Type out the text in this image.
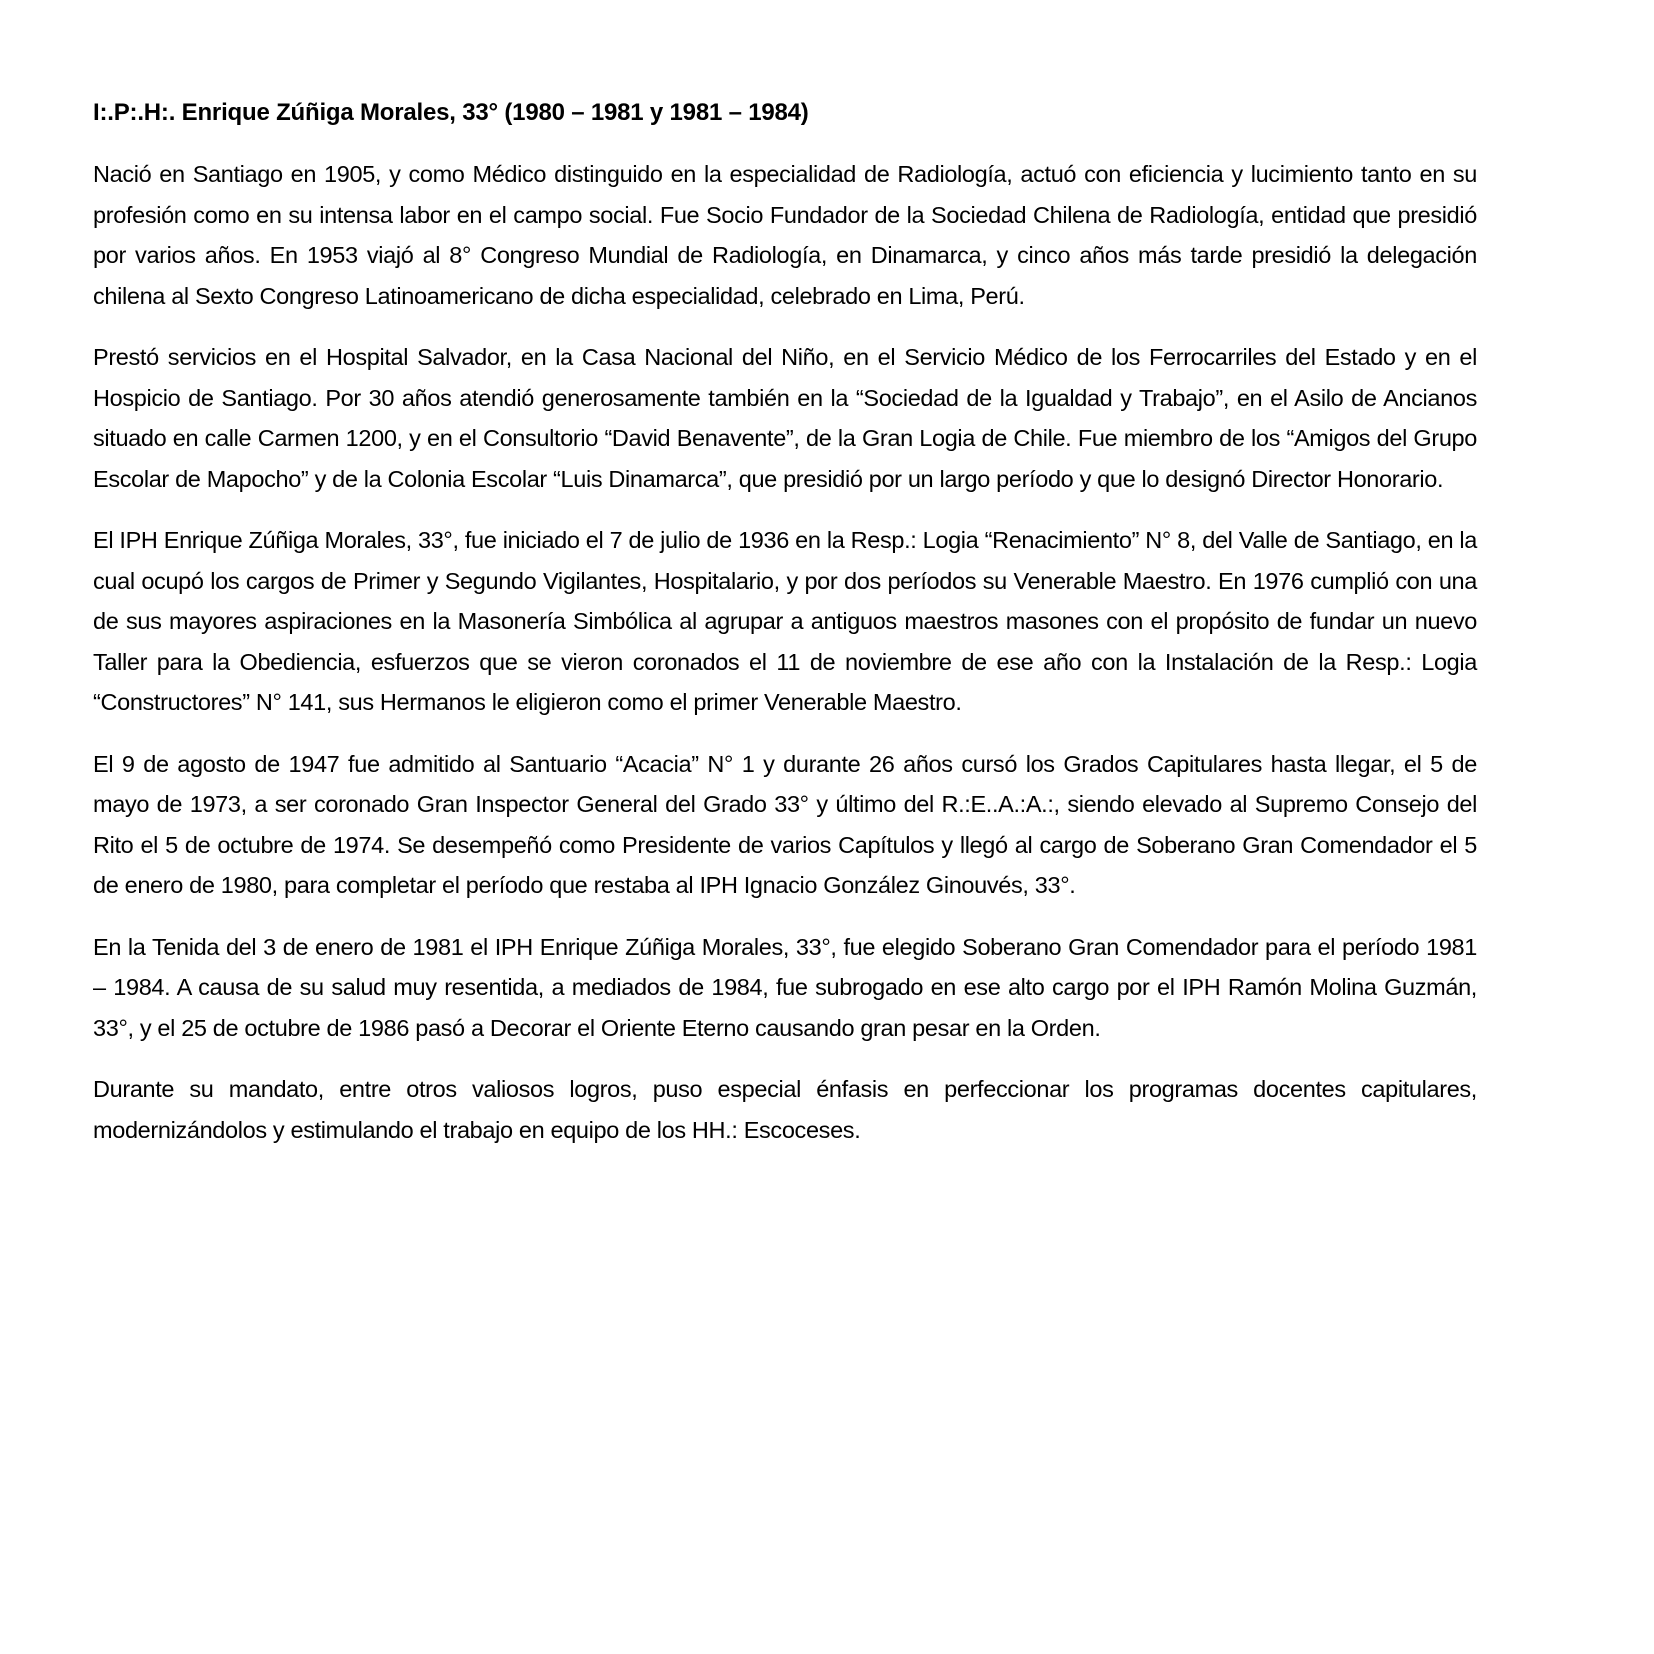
I:.P:.H:. Enrique Zúñiga Morales, 33° (1980 – 1981 y 1981 – 1984)

Nació en Santiago en 1905, y como Médico distinguido en la especialidad de Radiología, actuó con eficiencia y lucimiento tanto en su profesión como en su intensa labor en el campo social. Fue Socio Fundador de la Sociedad Chilena de Radiología, entidad que presidió por varios años. En 1953 viajó al 8° Congreso Mundial de Radiología, en Dinamarca, y cinco años más tarde presidió la delegación chilena al Sexto Congreso Latinoamericano de dicha especialidad, celebrado en Lima, Perú.

Prestó servicios en el Hospital Salvador, en la Casa Nacional del Niño, en el Servicio Médico de los Ferrocarriles del Estado y en el Hospicio de Santiago. Por 30 años atendió generosamente también en la “Sociedad de la Igualdad y Trabajo”, en el Asilo de Ancianos situado en calle Carmen 1200, y en el Consultorio “David Benavente”, de la Gran Logia de Chile. Fue miembro de los “Amigos del Grupo Escolar de Mapocho” y de la Colonia Escolar “Luis Dinamarca”, que presidió por un largo período y que lo designó Director Honorario.

El IPH Enrique Zúñiga Morales, 33°, fue iniciado el 7 de julio de 1936 en la Resp.: Logia “Renacimiento” N° 8, del Valle de Santiago, en la cual ocupó los cargos de Primer y Segundo Vigilantes, Hospitalario, y por dos períodos su Venerable Maestro. En 1976 cumplió con una de sus mayores aspiraciones en la Masonería Simbólica al agrupar a antiguos maestros masones con el propósito de fundar un nuevo Taller para la Obediencia, esfuerzos que se vieron coronados el 11 de noviembre de ese año con la Instalación de la Resp.: Logia “Constructores” N° 141, sus Hermanos le eligieron como el primer Venerable Maestro.

El 9 de agosto de 1947 fue admitido al Santuario “Acacia” N° 1 y durante 26 años cursó los Grados Capitulares hasta llegar, el 5 de mayo de 1973, a ser coronado Gran Inspector General del Grado 33° y último del R.:E..A.:A.:, siendo elevado al Supremo Consejo del Rito el 5 de octubre de 1974. Se desempeñó como Presidente de varios Capítulos y llegó al cargo de Soberano Gran Comendador el 5 de enero de 1980, para completar el período que restaba al IPH Ignacio González Ginouvés, 33°.

En la Tenida del 3 de enero de 1981 el IPH Enrique Zúñiga Morales, 33°, fue elegido Soberano Gran Comendador para el período 1981 – 1984. A causa de su salud muy resentida, a mediados de 1984, fue subrogado en ese alto cargo por el IPH Ramón Molina Guzmán, 33°, y el 25 de octubre de 1986 pasó a Decorar el Oriente Eterno causando gran pesar en la Orden.

Durante su mandato, entre otros valiosos logros, puso especial énfasis en perfeccionar los programas docentes capitulares, modernizándolos y estimulando el trabajo en equipo de los HH.: Escoceses.
